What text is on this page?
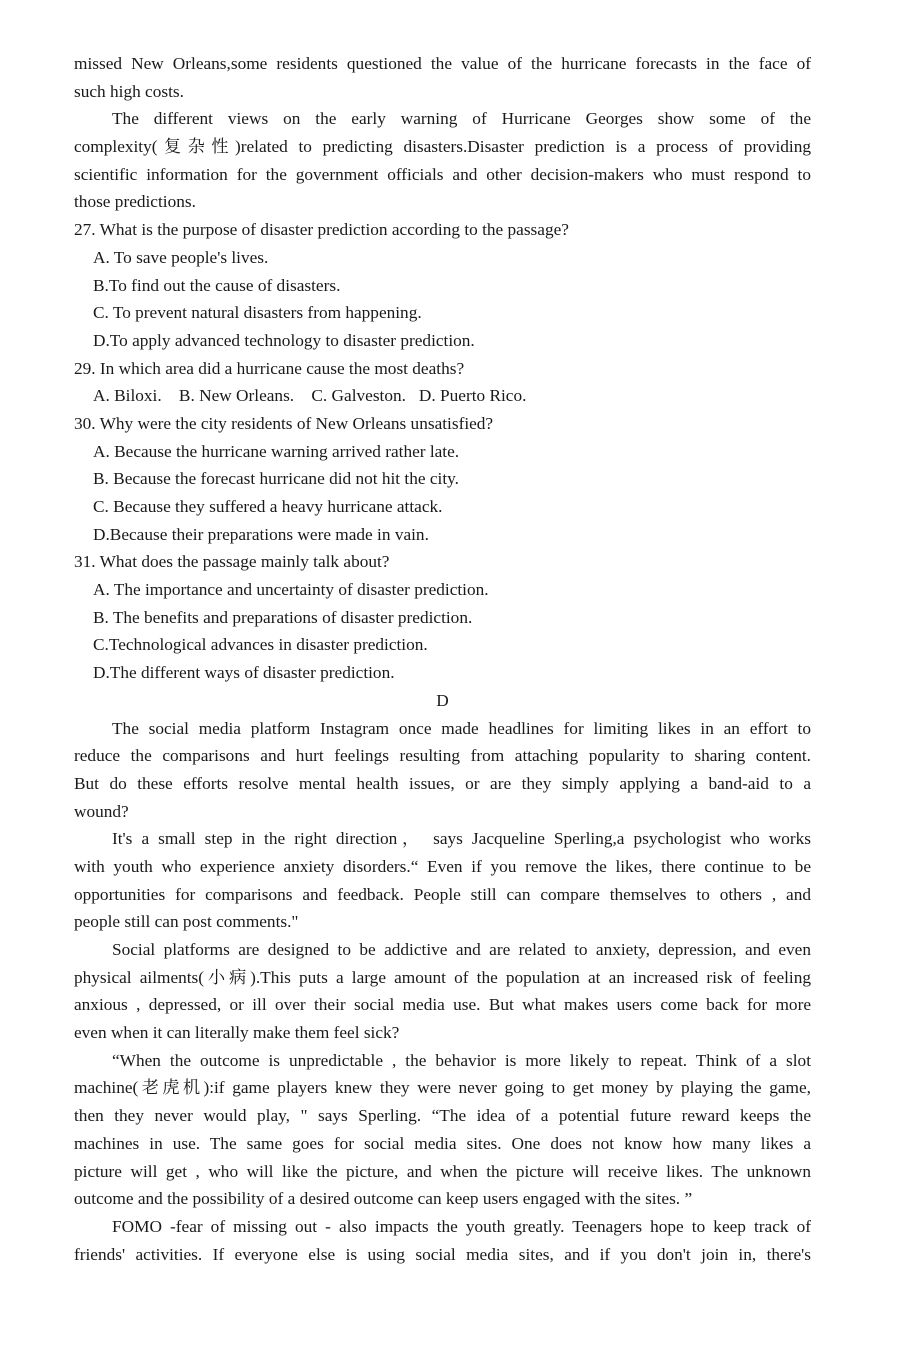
missed New Orleans,some residents questioned the value of the hurricane forecasts in the face of
such high costs.
The different views on the early warning of Hurricane Georges show some of the
complexity(复杂性)related to predicting disasters.Disaster prediction is a process of providing
scientific information for the government officials and other decision-makers who must respond to
those predictions.
27. What is the purpose of disaster prediction according to the passage?
A. To save people's lives.
B.To find out the cause of disasters.
C. To prevent natural disasters from happening.
D.To apply advanced technology to disaster prediction.
29. In which area did a hurricane cause the most deaths?
A. Biloxi.    B. New Orleans.    C. Galveston.   D. Puerto Rico.
30. Why were the city residents of New Orleans unsatisfied?
A. Because the hurricane warning arrived rather late.
B. Because the forecast hurricane did not hit the city.
C. Because they suffered a heavy hurricane attack.
D.Because their preparations were made in vain.
31. What does the passage mainly talk about?
A. The importance and uncertainty of disaster prediction.
B. The benefits and preparations of disaster prediction.
C.Technological advances in disaster prediction.
D.The different ways of disaster prediction.
D
The social media platform Instagram once made headlines for limiting likes in an effort to
reduce the comparisons and hurt feelings resulting from attaching popularity to sharing content.
But do these efforts resolve mental health issues, or are they simply applying a band-aid to a
wound?
It's a small step in the right direction， says Jacqueline Sperling,a psychologist who works
with youth who experience anxiety disorders.“ Even if you remove the likes, there continue to be
opportunities for comparisons and feedback. People still can compare themselves to others , and
people still can post comments."
Social platforms are designed to be addictive and are related to anxiety, depression, and even
physical ailments(小病).This puts a large amount of the population at an increased risk of feeling
anxious , depressed, or ill over their social media use. But what makes users come back for more
even when it can literally make them feel sick?
“When the outcome is unpredictable , the behavior is more likely to repeat. Think of a slot
machine(老虎机):if game players knew they were never going to get money by playing the game,
then they never would play, " says Sperling. “The idea of a potential future reward keeps the
machines in use. The same goes for social media sites. One does not know how many likes a
picture will get , who will like the picture, and when the picture will receive likes. The unknown
outcome and the possibility of a desired outcome can keep users engaged with the sites. ”
FOMO -fear of missing out - also impacts the youth greatly. Teenagers hope to keep track of
friends' activities. If everyone else is using social media sites, and if you don't join in, there's
